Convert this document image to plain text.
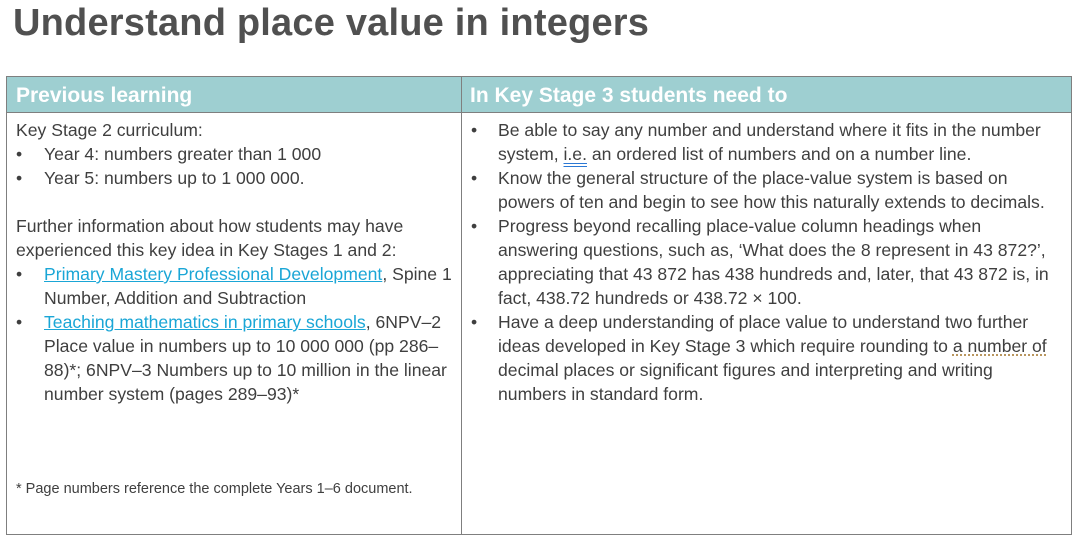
Understand place value in integers
Previous learning	In Key Stage 3 students need to

Key Stage 2 curriculum:

• Year 4: numbers greater than 1 000
• Year 5: numbers up to 1 000 000.

Further information about how students may have experienced this key idea in Key Stages 1 and 2:

• Primary Mastery Professional Development, Spine 1 Number, Addition and Subtraction
• Teaching mathematics in primary schools, 6NPV–2 Place value in numbers up to 10 000 000 (pp 286–88)*; 6NPV–3 Numbers up to 10 million in the linear number system (pages 289–93)*
* Page numbers reference the complete Years 1–6 document.
• Be able to say any number and understand where it fits in the number system, i.e. an ordered list of numbers and on a number line.
• Know the general structure of the place-value system is based on powers of ten and begin to see how this naturally extends to decimals.
• Progress beyond recalling place-value column headings when answering questions, such as, ‘What does the 8 represent in 43 872?’, appreciating that 43 872 has 438 hundreds and, later, that 43 872 is, in fact, 438.72 hundreds or 438.72 × 100.
• Have a deep understanding of place value to understand two further ideas developed in Key Stage 3 which require rounding to a number of decimal places or significant figures and interpreting and writing numbers in standard form.
